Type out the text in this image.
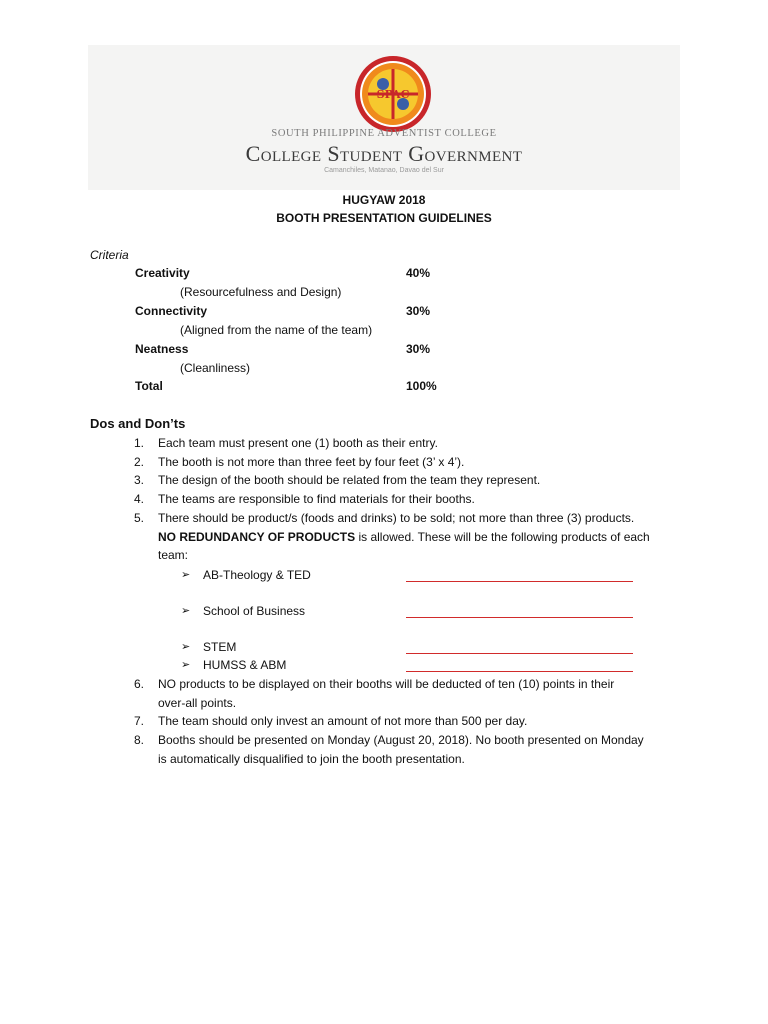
SPAC
SOUTH PHILIPPINE ADVENTIST COLLEGE
College Student Government
Camanchiles, Matanao, Davao del Sur
HUGYAW 2018
BOOTH PRESENTATION GUIDELINES
Criteria
Creativity	40%
(Resourcefulness and Design)
Connectivity	30%
(Aligned from the name of the team)
Neatness	30%
(Cleanliness)
Total	100%
Dos and Don’ts
1. Each team must present one (1) booth as their entry.
2. The booth is not more than three feet by four feet (3’ x 4’).
3. The design of the booth should be related from the team they represent.
4. The teams are responsible to find materials for their booths.
5. There should be product/s (foods and drinks) to be sold; not more than three (3) products.
NO REDUNDANCY OF PRODUCTS is allowed. These will be the following products of each
team:
➢ AB-Theology & TED
➢ School of Business
➢ STEM
➢ HUMSS & ABM
6. NO products to be displayed on their booths will be deducted of ten (10) points in their
over-all points.
7. The team should only invest an amount of not more than 500 per day.
8. Booths should be presented on Monday (August 20, 2018). No booth presented on Monday
is automatically disqualified to join the booth presentation.
